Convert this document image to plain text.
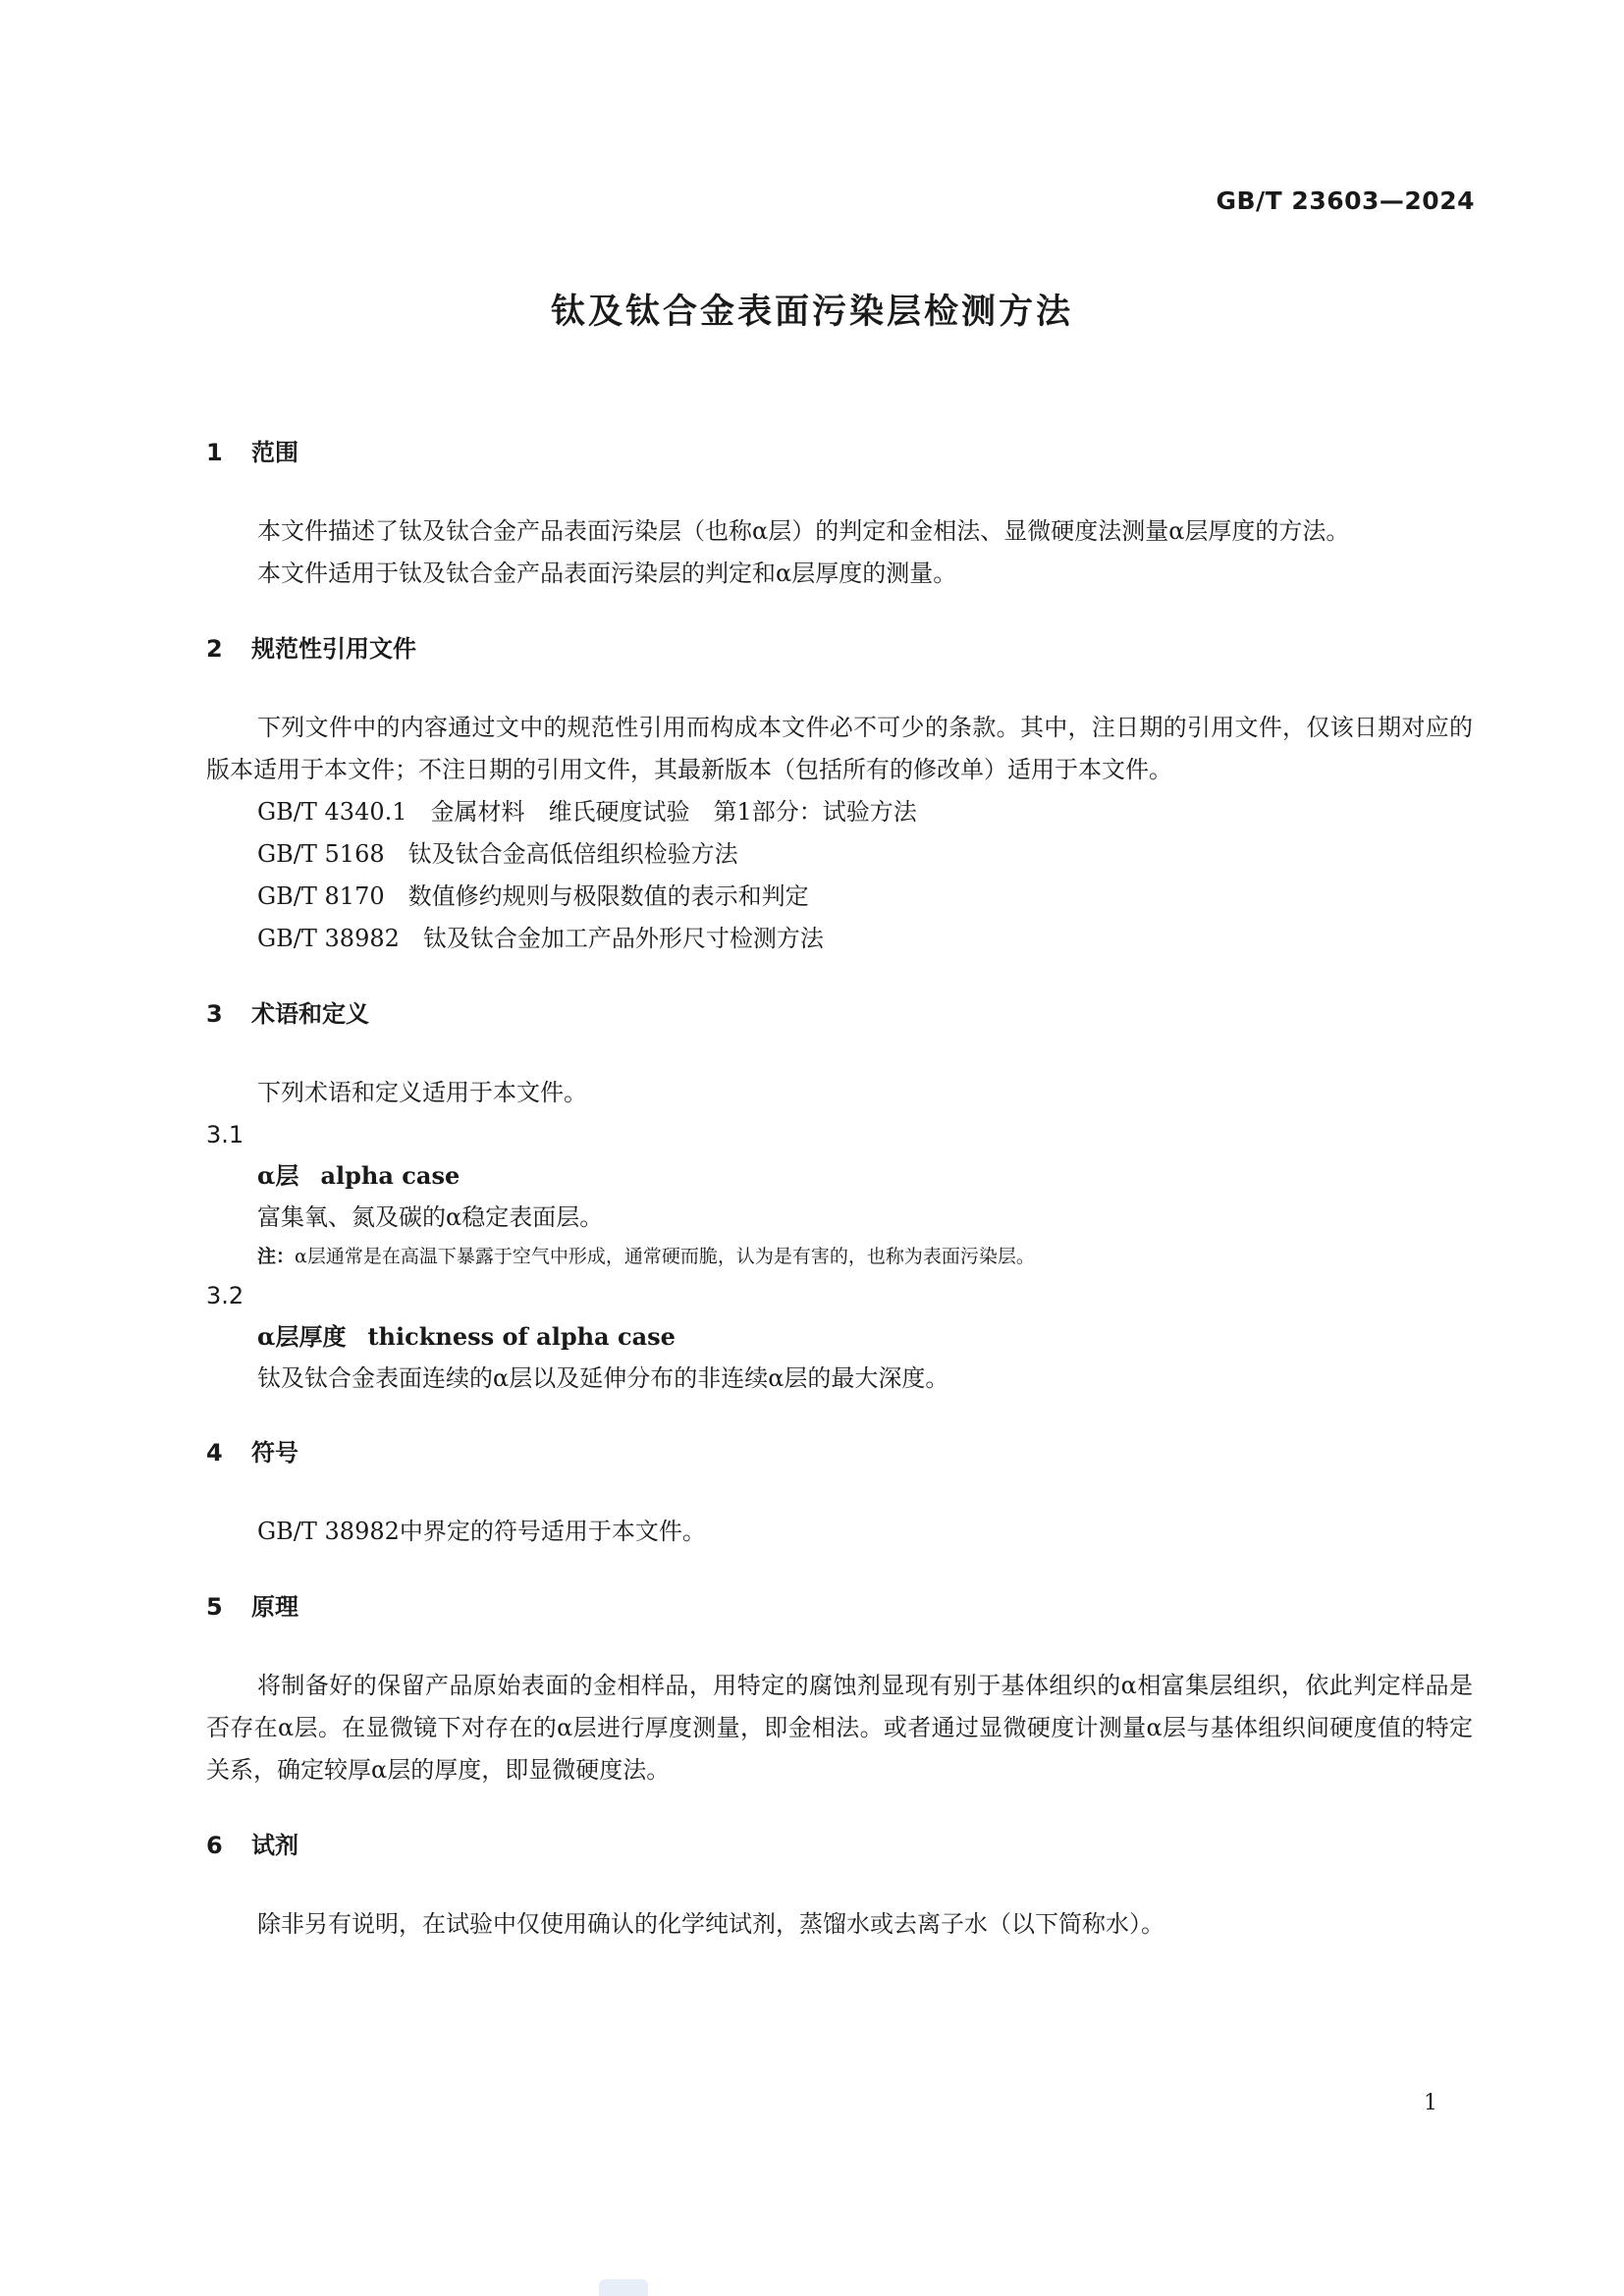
GB/T 23603—2024
钛及钛合金表面污染层检测方法
1	范围

本文件描述了钛及钛合金产品表面污染层（也称α层）的判定和金相法、显微硬度法测量α层厚度的方法。

本文件适用于钛及钛合金产品表面污染层的判定和α层厚度的测量。

2	规范性引用文件

下列文件中的内容通过文中的规范性引用而构成本文件必不可少的条款。其中，注日期的引用文件，仅该日期对应的版本适用于本文件；不注日期的引用文件，其最新版本（包括所有的修改单）适用于本文件。

GB/T 4340.1　金属材料　维氏硬度试验　第1部分：试验方法

GB/T 5168　钛及钛合金高低倍组织检验方法

GB/T 8170　数值修约规则与极限数值的表示和判定

GB/T 38982　钛及钛合金加工产品外形尺寸检测方法

3	术语和定义

下列术语和定义适用于本文件。

3.1

α层 alpha case

富集氧、氮及碳的α稳定表面层。

注：α层通常是在高温下暴露于空气中形成，通常硬而脆，认为是有害的，也称为表面污染层。

3.2

α层厚度 thickness of alpha case

钛及钛合金表面连续的α层以及延伸分布的非连续α层的最大深度。

4	符号

GB/T 38982中界定的符号适用于本文件。

5	原理

将制备好的保留产品原始表面的金相样品，用特定的腐蚀剂显现有别于基体组织的α相富集层组织，依此判定样品是否存在α层。在显微镜下对存在的α层进行厚度测量，即金相法。或者通过显微硬度计测量α层与基体组织间硬度值的特定关系，确定较厚α层的厚度，即显微硬度法。

6	试剂

除非另有说明，在试验中仅使用确认的化学纯试剂，蒸馏水或去离子水（以下简称水）。

1
